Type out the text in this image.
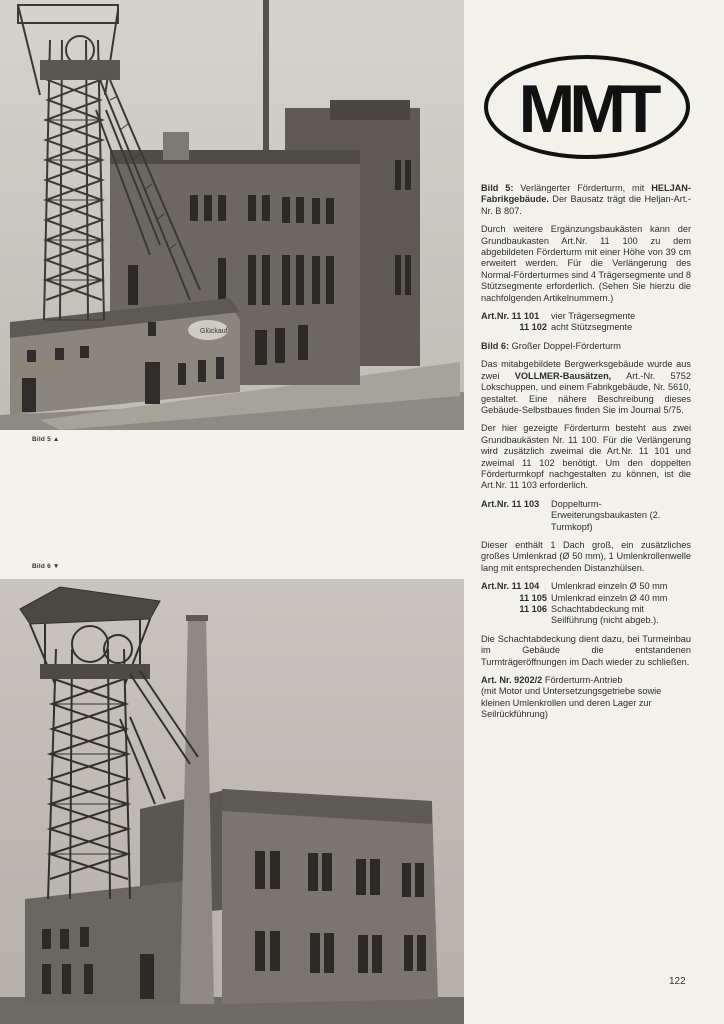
Glückauf
Bild 5 ▲
Bild 6 ▼
MMT

Bild 5: Verlängerter Förderturm, mit HELJAN-Fabrikgebäude. Der Bausatz trägt die Heljan-Art.-Nr. B 807.

Durch weitere Ergänzungsbaukästen kann der Grundbaukasten Art.Nr. 11 100 zu dem abgebildeten Förderturm mit einer Höhe von 39 cm erweitert werden. Für die Verlängerung des Normal-Förderturmes sind 4 Trägersegmente und 8 Stützsegmente erforderlich. (Sehen Sie hierzu die nachfolgenden Artikelnummern.)

Art.Nr. 11 101	vier Trägersegmente
11 102 acht Stützsegmente

Bild 6: Großer Doppel-Förderturm

Das mitabgebildete Bergwerksgebäude wurde aus zwei VOLLMER-Bausätzen, Art.-Nr. 5752 Lokschuppen, und einem Fabrikgebäude, Nr. 5610, gestaltet. Eine nähere Beschreibung dieses Gebäude-Selbstbaues finden Sie im Journal 5/75.

Der hier gezeigte Förderturm besteht aus zwei Grundbaukästen Nr. 11 100. Für die Verlängerung wird zusätzlich zweimal die Art.Nr. 11 101 und zweimal 11 102 benötigt. Um den doppelten Förderturmkopf nachgestalten zu können, ist die Art.Nr. 11 103 erforderlich.

Art.Nr. 11 103	Doppelturm-Erweiterungsbaukasten (2. Turmkopf)

Dieser enthält 1 Dach groß, ein zusätzliches großes Umlenkrad (Ø 50 mm), 1 Umlenkrollenwelle lang mit entsprechenden Distanzhülsen.

Art.Nr. 11 104	Umlenkrad einzeln Ø 50 mm
11 105 Umlenkrad einzeln Ø 40 mm
11 106 Schachtabdeckung mit Seilführung (nicht abgeb.).

Die Schachtabdeckung dient dazu, bei Turmeinbau im Gebäude die entstandenen Turmträgeröffnungen im Dach wieder zu schließen.

Art. Nr. 9202/2 Förderturm-Antrieb
(mit Motor und Untersetzungsgetriebe sowie kleinen Umlenkrollen und deren Lager zur Seilrückführung)

122
